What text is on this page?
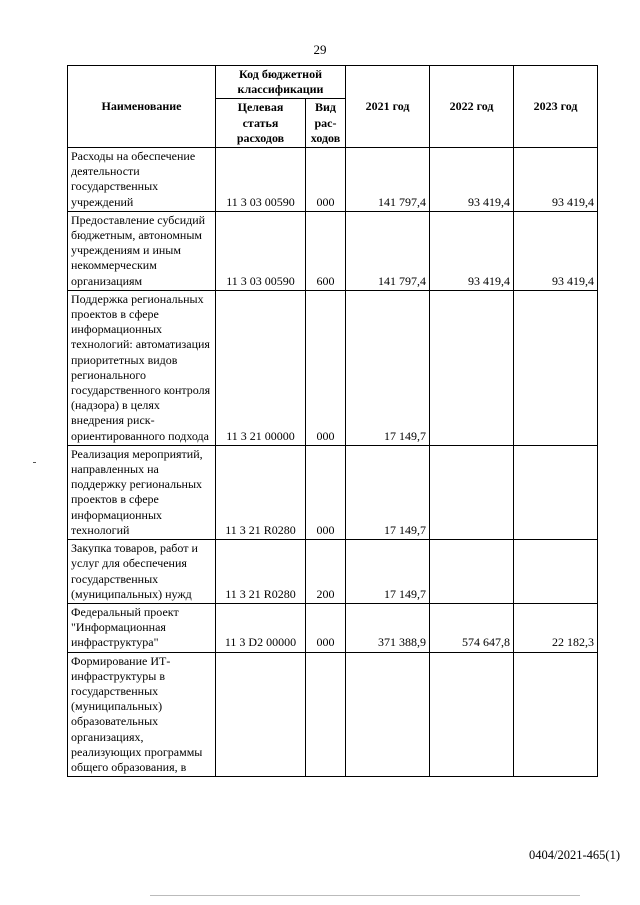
29
Наименование	Код бюджетной классификации		2021 год	2022 год	2023 год
	Целевая статья расходов	Вид рас-ходов			
Расходы на обеспечение деятельности государственных учреждений	11 3 03 00590	000	141 797,4	93 419,4	93 419,4
Предоставление субсидий бюджетным, автономным учреждениям и иным некоммерческим организациям	11 3 03 00590	600	141 797,4	93 419,4	93 419,4
Поддержка региональных проектов в сфере информационных технологий: автоматизация приоритетных видов регионального государственного контроля (надзора) в целях внедрения риск-ориентированного подхода	11 3 21 00000	000	17 149,7		
Реализация мероприятий, направленных на поддержку региональных проектов в сфере информационных технологий	11 3 21 R0280	000	17 149,7		
Закупка товаров, работ и услуг для обеспечения государственных (муниципальных) нужд	11 3 21 R0280	200	17 149,7		
Федеральный проект "Информационная инфраструктура"	11 3 D2 00000	000	371 388,9	574 647,8	22 182,3
Формирование ИТ-инфраструктуры в государственных (муниципальных) образовательных организациях, реализующих программы общего образования, в					
0404/2021-465(1)
